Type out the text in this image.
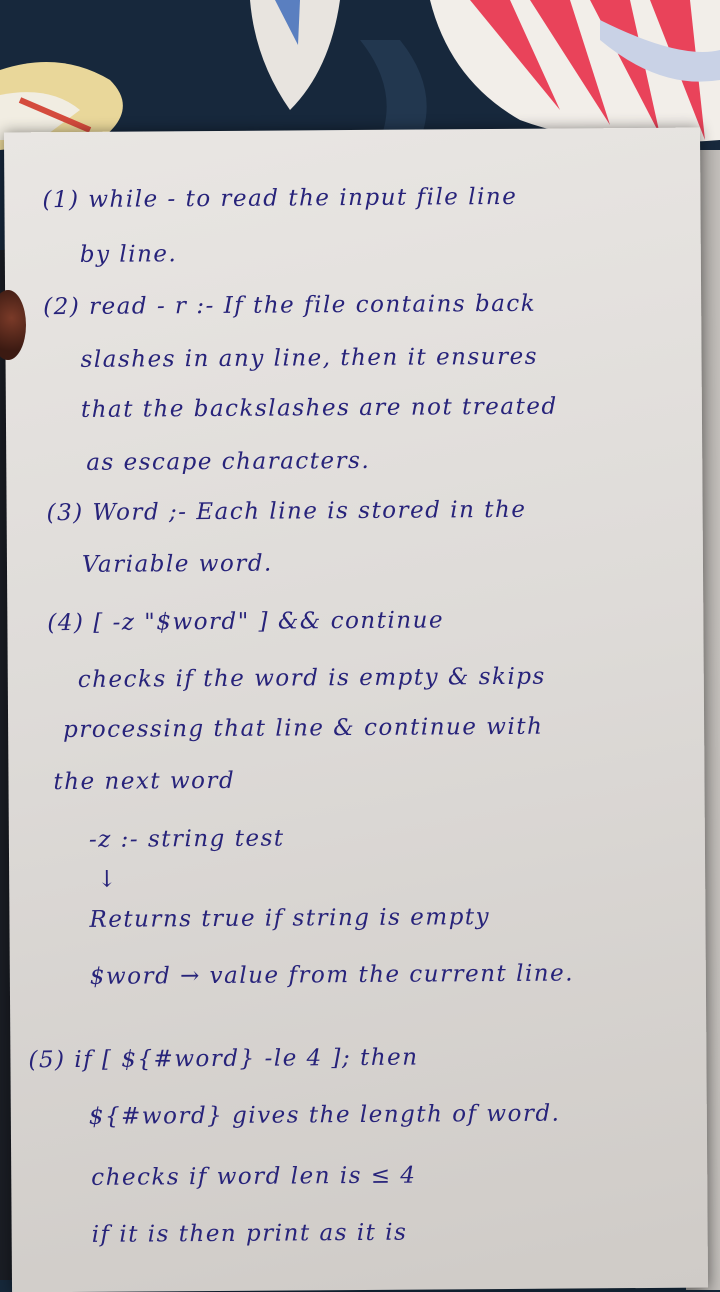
(1) while - to read the input file line
by line.
(2) read - r :- If the file contains back
slashes in any line, then it ensures
that the backslashes are not treated
as escape characters.
(3) Word ;- Each line is stored in the
Variable word.
(4) [ -z "$word" ] && continue
checks if the word is empty & skips
processing that line & continue with
the next word
-z :- string test
↓
Returns true if string is empty
$word → value from the current line.
(5) if [ ${#word} -le 4 ]; then
${#word} gives the length of word.
checks if word len is ≤ 4
if it is then print as it is
